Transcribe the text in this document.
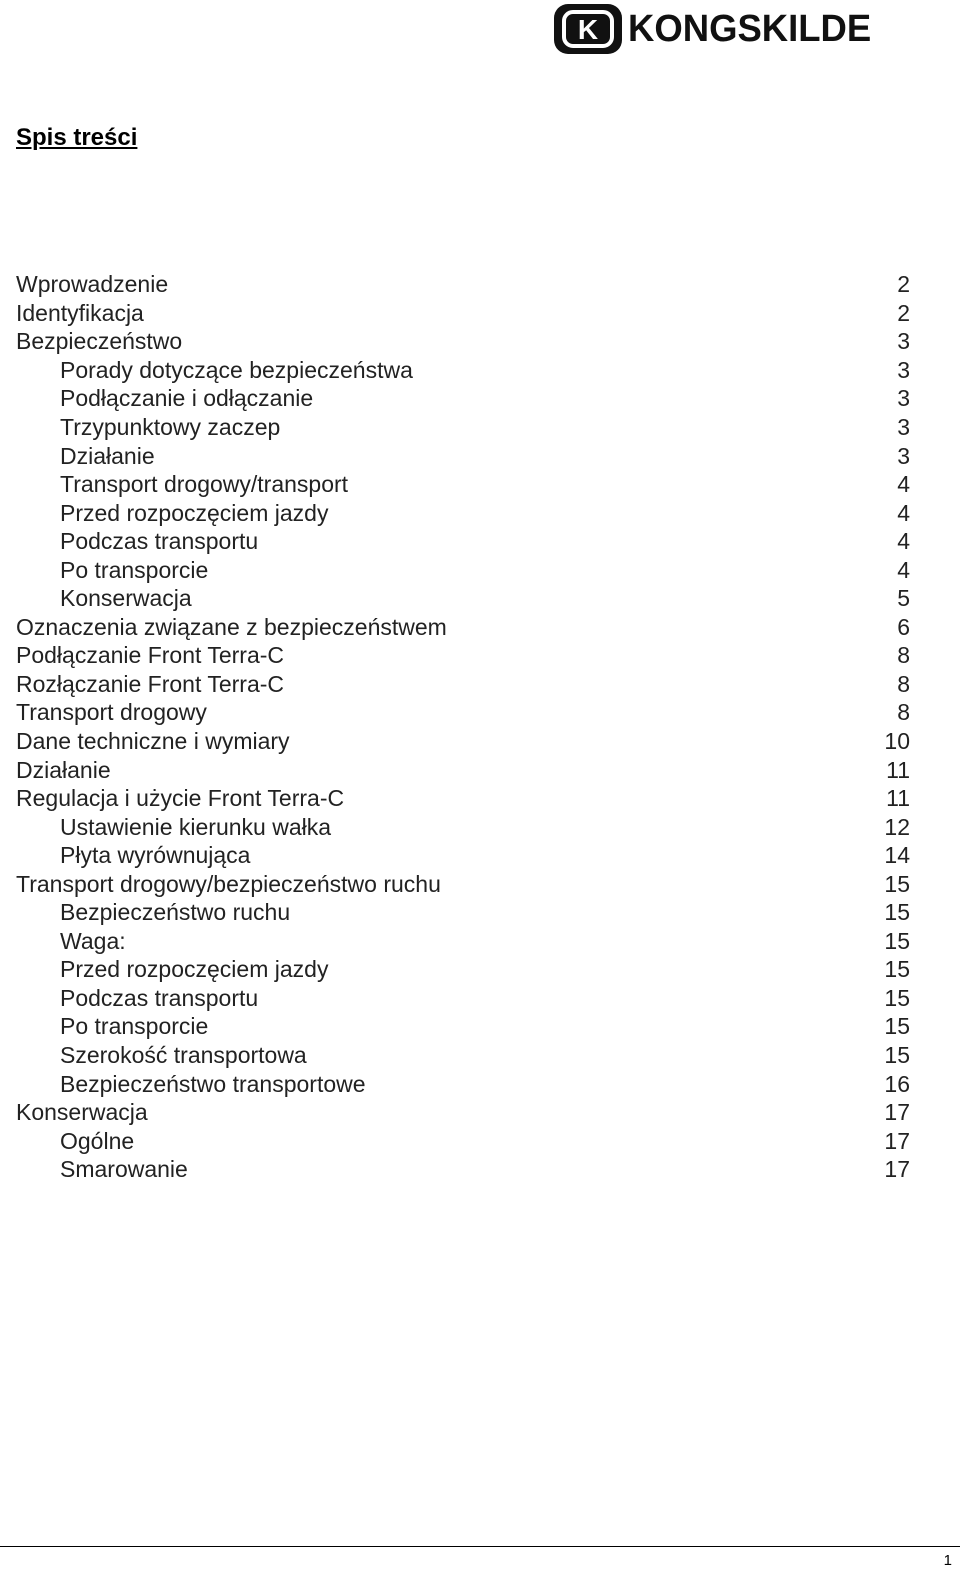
K KONGSKILDE
Spis treści
Wprowadzenie	2
Identyfikacja	2
Bezpieczeństwo	3
Porady dotyczące bezpieczeństwa	3
Podłączanie i odłączanie	3
Trzypunktowy zaczep	3
Działanie	3
Transport drogowy/transport	4
Przed rozpoczęciem jazdy	4
Podczas transportu	4
Po transporcie	4
Konserwacja	5
Oznaczenia związane z bezpieczeństwem	6
Podłączanie Front Terra-C	8
Rozłączanie Front Terra-C	8
Transport drogowy	8
Dane techniczne i wymiary	10
Działanie	11
Regulacja i użycie Front Terra-C	11
Ustawienie kierunku wałka	12
Płyta wyrównująca	14
Transport drogowy/bezpieczeństwo ruchu	15
Bezpieczeństwo ruchu	15
Waga:	15
Przed rozpoczęciem jazdy	15
Podczas transportu	15
Po transporcie	15
Szerokość transportowa	15
Bezpieczeństwo transportowe	16
Konserwacja	17
Ogólne	17
Smarowanie	17
1
